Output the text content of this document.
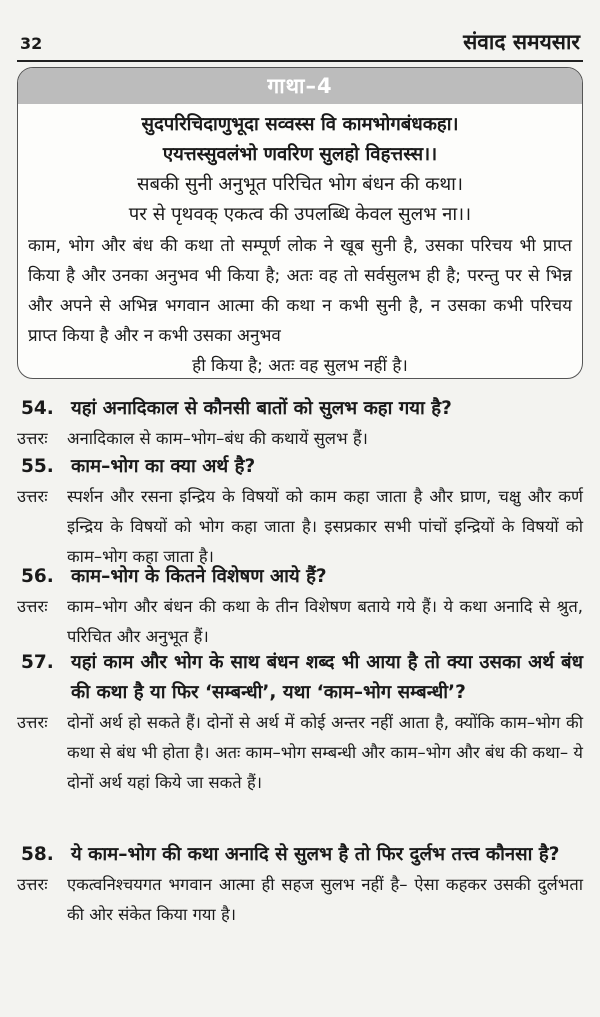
32	संवाद समयसार
गाथा–4

सुदपरिचिदाणुभूदा सव्वस्स वि कामभोगबंधकहा।

एयत्तस्सुवलंभो णवरिण सुलहो विहत्तस्स।।

सबकी सुनी अनुभूत परिचित भोग बंधन की कथा।

पर से पृथवक् एकत्व की उपलब्धि केवल सुलभ ना।।

काम, भोग और बंध की कथा तो सम्पूर्ण लोक ने खूब सुनी है, उसका परिचय भी प्राप्त किया है और उनका अनुभव भी किया है; अतः वह तो सर्वसुलभ ही है; परन्तु पर से भिन्न और अपने से अभिन्न भगवान आत्मा की कथा न कभी सुनी है, न उसका कभी परिचय प्राप्त किया है और न कभी उसका अनुभव
ही किया है; अतः वह सुलभ नहीं है।
54. यहां अनादिकाल से कौनसी बातों को सुलभ कहा गया है?
उत्तरः	अनादिकाल से काम–भोग–बंध की कथायें सुलभ हैं।
55. काम–भोग का क्या अर्थ है?
उत्तरः	स्पर्शन और रसना इन्द्रिय के विषयों को काम कहा जाता है और घ्राण, चक्षु और कर्ण इन्द्रिय के विषयों को भोग कहा जाता है। इसप्रकार सभी पांचों इन्द्रियों के विषयों को काम–भोग कहा जाता है।
56. काम–भोग के कितने विशेषण आये हैं?
उत्तरः	काम–भोग और बंधन की कथा के तीन विशेषण बताये गये हैं। ये कथा अनादि से श्रुत, परिचित और अनुभूत हैं।
57. यहां काम और भोग के साथ बंधन शब्द भी आया है तो क्या उसका अर्थ बंध की कथा है या फिर ‘सम्बन्धी’, यथा ‘काम–भोग सम्बन्धी’?
उत्तरः	दोनों अर्थ हो सकते हैं। दोनों से अर्थ में कोई अन्तर नहीं आता है, क्योंकि काम–भोग की कथा से बंध भी होता है। अतः काम–भोग सम्बन्धी और काम–भोग और बंध की कथा– ये दोनों अर्थ यहां किये जा सकते हैं।
58. ये काम–भोग की कथा अनादि से सुलभ है तो फिर दुर्लभ तत्त्व कौनसा है?
उत्तरः	एकत्वनिश्चयगत भगवान आत्मा ही सहज सुलभ नहीं है– ऐसा कहकर उसकी दुर्लभता की ओर संकेत किया गया है।
